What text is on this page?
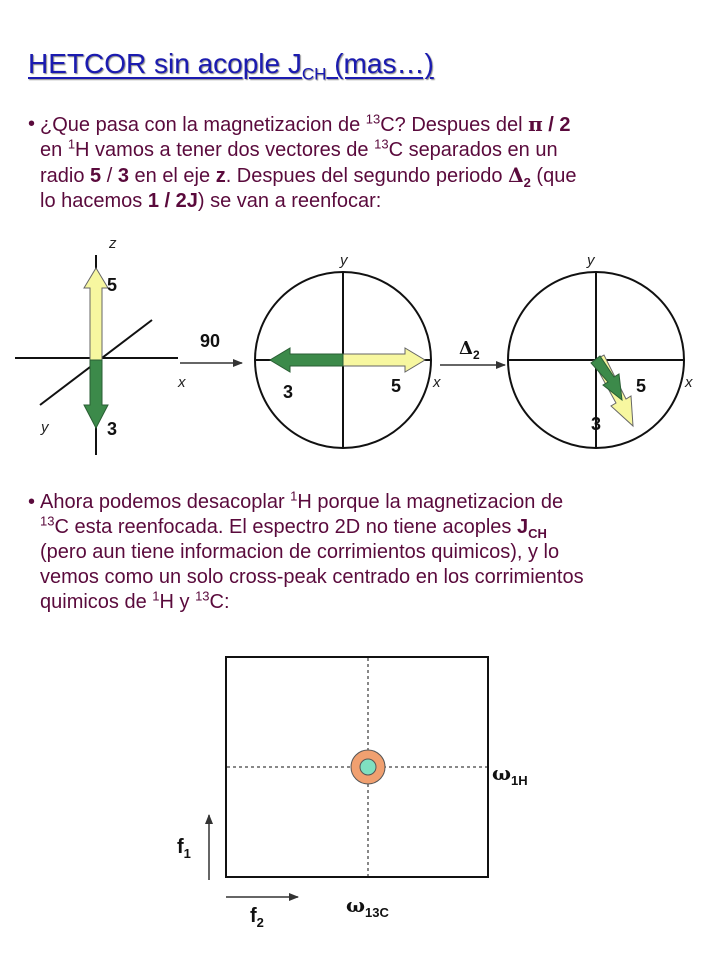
HETCOR sin acople $J_{CH}$ (mas…)
• ¿Que pasa con la magnetizacion de $^{13}$C? Despues del π / 2
en $^1$H vamos a tener dos vectores de $^{13}$C separados en un
radio 5 / 3 en el eje z. Despues del segundo periodo $\Delta_2$ (que
lo hacemos 1 / 2J) se van a reenfocar:
z
x
y
5
3
90
y
x
3	5
$\Delta_2$
y
x
5
3
$\omega_{1H}$
$\omega_{13C}$
$f_1$
$f_2$
• Ahora podemos desacoplar $^1$H porque la magnetizacion de
$^{13}$C esta reenfocada. El espectro 2D no tiene acoples $J_{CH}$
(pero aun tiene informacion de corrimientos quimicos), y lo
vemos como un solo cross-peak centrado en los corrimientos
quimicos de $^1$H y $^{13}$C:
